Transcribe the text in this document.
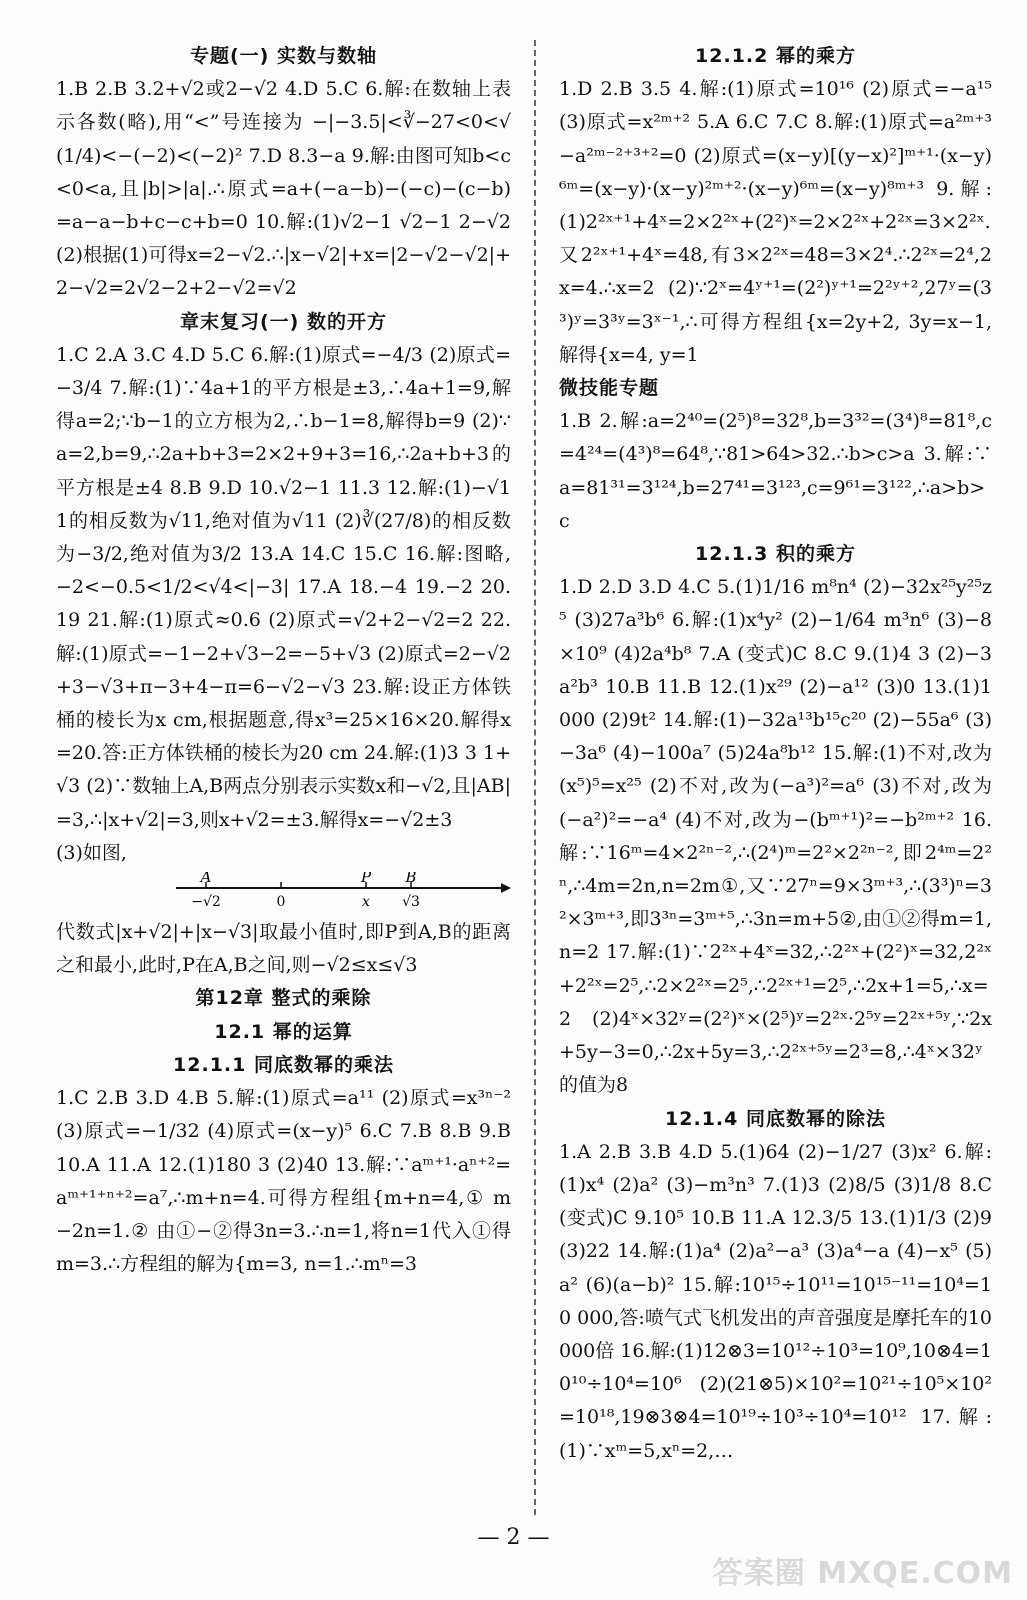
专题(一) 实数与数轴
1.B 2.B 3.2+√2或2−√2 4.D 5.C 6.解:在数轴上表示各数(略),用“<”号连接为 −|−3.5|<∛−27<0<√(1/4)<−(−2)<(−2)² 7.D 8.3−a 9.解:由图可知b<c<0<a,且|b|>|a|.∴原式=a+(−a−b)−(−c)−(c−b)=a−a−b+c−c+b=0 10.解:(1)√2−1 √2−1 2−√2 (2)根据(1)可得x=2−√2.∴|x−√2|+x=|2−√2−√2|+2−√2=2√2−2+2−√2=√2
章末复习(一) 数的开方
1.C 2.A 3.C 4.D 5.C 6.解:(1)原式=−4/3 (2)原式=−3/4 7.解:(1)∵4a+1的平方根是±3,∴4a+1=9,解得a=2;∵b−1的立方根为2,∴b−1=8,解得b=9 (2)∵a=2,b=9,∴2a+b+3=2×2+9+3=16,∴2a+b+3的平方根是±4 8.B 9.D 10.√2−1 11.3 12.解:(1)−√11的相反数为√11,绝对值为√11 (2)∛(27/8)的相反数为−3/2,绝对值为3/2 13.A 14.C 15.C 16.解:图略,−2<−0.5<1/2<√4<|−3| 17.A 18.−4 19.−2 20.19 21.解:(1)原式≈0.6 (2)原式=√2+2−√2=2 22.解:(1)原式=−1−2+√3−2=−5+√3 (2)原式=2−√2+3−√3+π−3+4−π=6−√2−√3 23.解:设正方体铁桶的棱长为x cm,根据题意,得x³=25×16×20.解得x=20.答:正方体铁桶的棱长为20 cm 24.解:(1)3 3 1+√3 (2)∵数轴上A,B两点分别表示实数x和−√2,且|AB|=3,∴|x+√2|=3,则x+√2=±3.解得x=−√2±3
(3)如图,
A
−√2	0
P
x
B
√3
代数式|x+√2|+|x−√3|取最小值时,即P到A,B的距离之和最小,此时,P在A,B之间,则−√2≤x≤√3
第12章 整式的乘除
12.1 幂的运算
12.1.1 同底数幂的乘法
1.C 2.B 3.D 4.B 5.解:(1)原式=a¹¹ (2)原式=x³ⁿ⁻² (3)原式=−1/32 (4)原式=(x−y)⁵ 6.C 7.B 8.B 9.B 10.A 11.A 12.(1)180 3 (2)40 13.解:∵aᵐ⁺¹·aⁿ⁺²=aᵐ⁺¹⁺ⁿ⁺²=a⁷,∴m+n=4.可得方程组{m+n=4,① m−2n=1.② 由①−②得3n=3.∴n=1,将n=1代入①得m=3.∴方程组的解为{m=3, n=1.∴mⁿ=3
12.1.2 幂的乘方
1.D 2.B 3.5 4.解:(1)原式=10¹⁶ (2)原式=−a¹⁵ (3)原式=x²ᵐ⁺² 5.A 6.C 7.C 8.解:(1)原式=a²ᵐ⁺³−a²ᵐ⁻²⁺³⁺²=0 (2)原式=(x−y)[(y−x)²]ᵐ⁺¹·(x−y)⁶ᵐ=(x−y)·(x−y)²ᵐ⁺²·(x−y)⁶ᵐ=(x−y)⁸ᵐ⁺³ 9.解:(1)2²ˣ⁺¹+4ˣ=2×2²ˣ+(2²)ˣ=2×2²ˣ+2²ˣ=3×2²ˣ.又2²ˣ⁺¹+4ˣ=48,有3×2²ˣ=48=3×2⁴.∴2²ˣ=2⁴,2x=4.∴x=2 (2)∵2ˣ=4ʸ⁺¹=(2²)ʸ⁺¹=2²ʸ⁺²,27ʸ=(3³)ʸ=3³ʸ=3ˣ⁻¹,∴可得方程组{x=2y+2, 3y=x−1,解得{x=4, y=1
微技能专题
1.B 2.解:a=2⁴⁰=(2⁵)⁸=32⁸,b=3³²=(3⁴)⁸=81⁸,c=4²⁴=(4³)⁸=64⁸,∵81>64>32.∴b>c>a 3.解:∵a=81³¹=3¹²⁴,b=27⁴¹=3¹²³,c=9⁶¹=3¹²²,∴a>b>c
12.1.3 积的乘方
1.D 2.D 3.D 4.C 5.(1)1/16 m⁸n⁴ (2)−32x²⁵y²⁵z⁵ (3)27a³b⁶ 6.解:(1)x⁴y² (2)−1/64 m³n⁶ (3)−8×10⁹ (4)2a⁴b⁸ 7.A (变式)C 8.C 9.(1)4 3 (2)−3a²b³ 10.B 11.B 12.(1)x²⁹ (2)−a¹² (3)0 13.(1)1 000 (2)9t² 14.解:(1)−32a¹³b¹⁵c²⁰ (2)−55a⁶ (3)−3a⁶ (4)−100a⁷ (5)24a⁸b¹² 15.解:(1)不对,改为(x⁵)⁵=x²⁵ (2)不对,改为(−a³)²=a⁶ (3)不对,改为(−a²)²=−a⁴ (4)不对,改为−(bᵐ⁺¹)²=−b²ᵐ⁺² 16.解:∵16ᵐ=4×2²ⁿ⁻²,∴(2⁴)ᵐ=2²×2²ⁿ⁻²,即2⁴ᵐ=2²ⁿ,∴4m=2n,n=2m①,又∵27ⁿ=9×3ᵐ⁺³,∴(3³)ⁿ=3²×3ᵐ⁺³,即3³ⁿ=3ᵐ⁺⁵,∴3n=m+5②,由①②得m=1,n=2 17.解:(1)∵2²ˣ+4ˣ=32,∴2²ˣ+(2²)ˣ=32,2²ˣ+2²ˣ=2⁵,∴2×2²ˣ=2⁵,∴2²ˣ⁺¹=2⁵,∴2x+1=5,∴x=2 (2)4ˣ×32ʸ=(2²)ˣ×(2⁵)ʸ=2²ˣ·2⁵ʸ=2²ˣ⁺⁵ʸ,∵2x+5y−3=0,∴2x+5y=3,∴2²ˣ⁺⁵ʸ=2³=8,∴4ˣ×32ʸ的值为8
12.1.4 同底数幂的除法
1.A 2.B 3.B 4.D 5.(1)64 (2)−1/27 (3)x² 6.解:(1)x⁴ (2)a² (3)−m³n³ 7.(1)3 (2)8/5 (3)1/8 8.C (变式)C 9.10⁵ 10.B 11.A 12.3/5 13.(1)1/3 (2)9 (3)22 14.解:(1)a⁴ (2)a²−a³ (3)a⁴−a (4)−x⁵ (5)a² (6)(a−b)² 15.解:10¹⁵÷10¹¹=10¹⁵⁻¹¹=10⁴=10 000,答:喷气式飞机发出的声音强度是摩托车的10 000倍 16.解:(1)12⊗3=10¹²÷10³=10⁹,10⊗4=10¹⁰÷10⁴=10⁶ (2)(21⊗5)×10²=10²¹÷10⁵×10²=10¹⁸,19⊗3⊗4=10¹⁹÷10³÷10⁴=10¹² 17.解:(1)∵xᵐ=5,xⁿ=2,…
— 2 —
答案圈 MXQE.COM
